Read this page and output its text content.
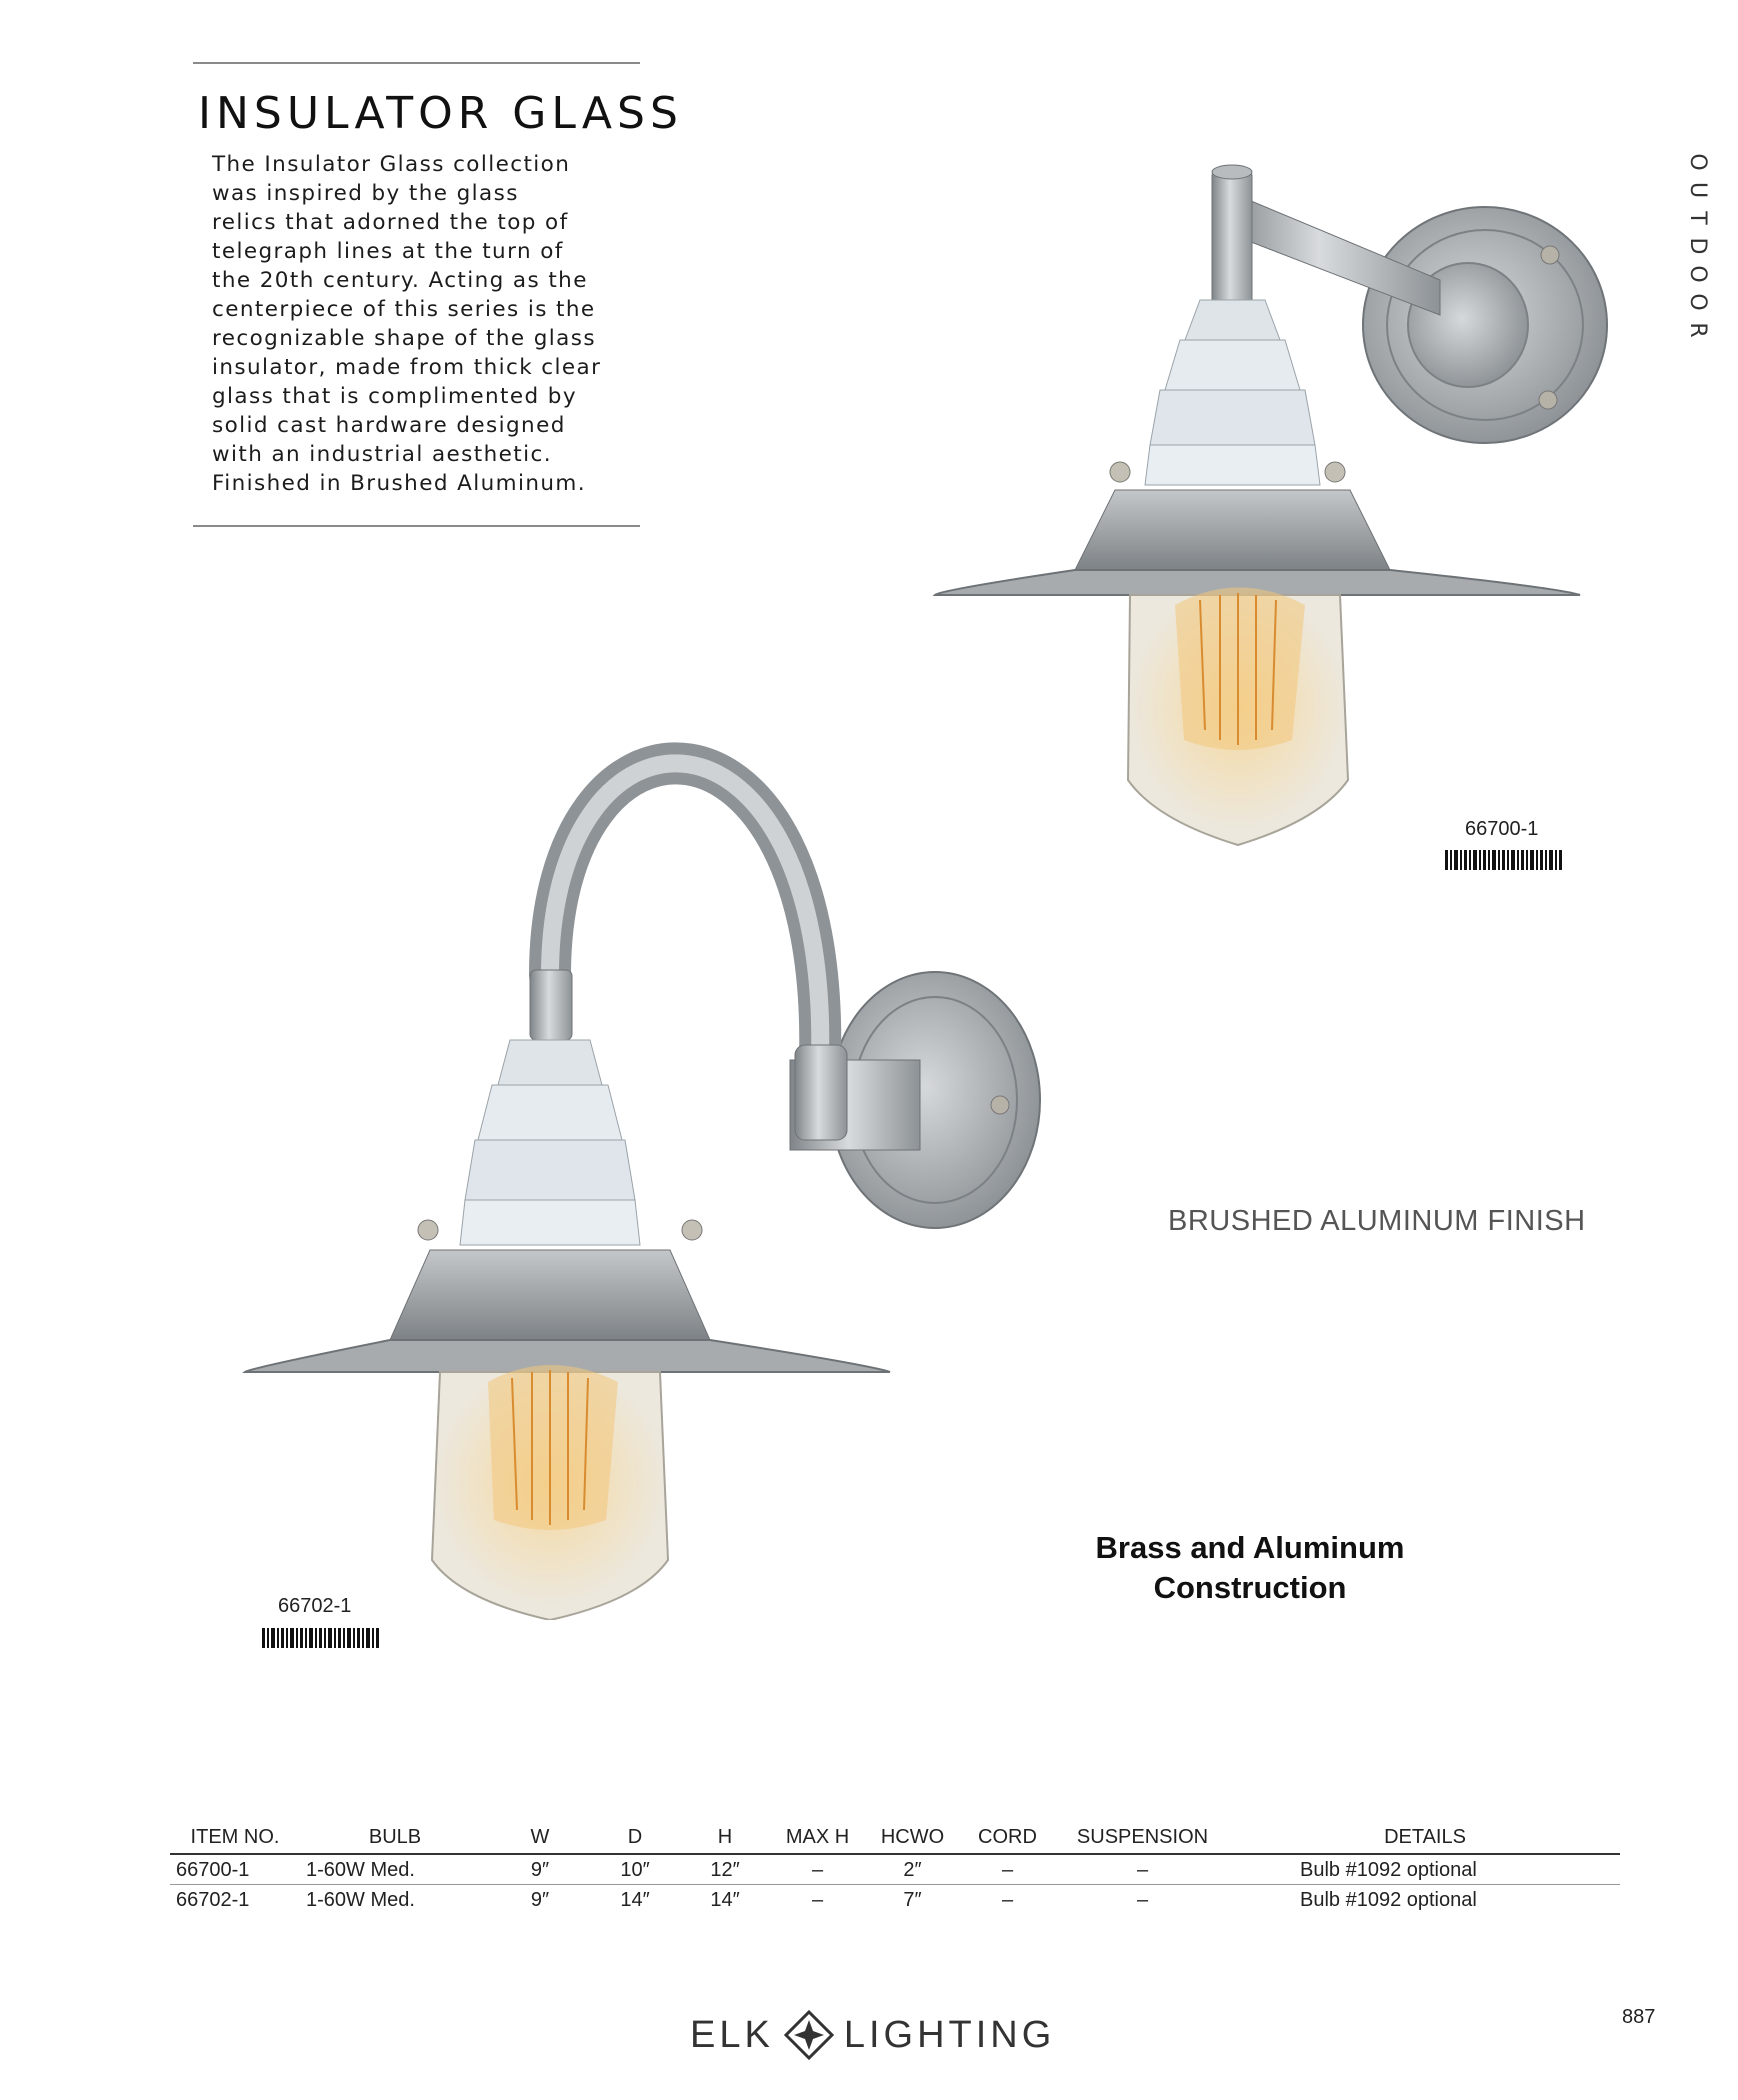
INSULATOR GLASS
The Insulator Glass collection
was inspired by the glass
relics that adorned the top of
telegraph lines at the turn of
the 20th century. Acting as the
centerpiece of this series is the
recognizable shape of the glass
insulator, made from thick clear
glass that is complimented by
solid cast hardware designed
with an industrial aesthetic.
Finished in Brushed Aluminum.
O
U
T
D
O
O
R
66700-1
66702-1
BRUSHED ALUMINUM FINISH
Brass and Aluminum
Construction
ITEM NO.	BULB	W	D	H	MAX H	HCWO	CORD	SUSPENSION	DETAILS
66700-1	1-60W Med.	9″	10″	12″	–	2″	–	–	Bulb #1092 optional
66702-1	1-60W Med.	9″	14″	14″	–	7″	–	–	Bulb #1092 optional
ELK LIGHTING	887
